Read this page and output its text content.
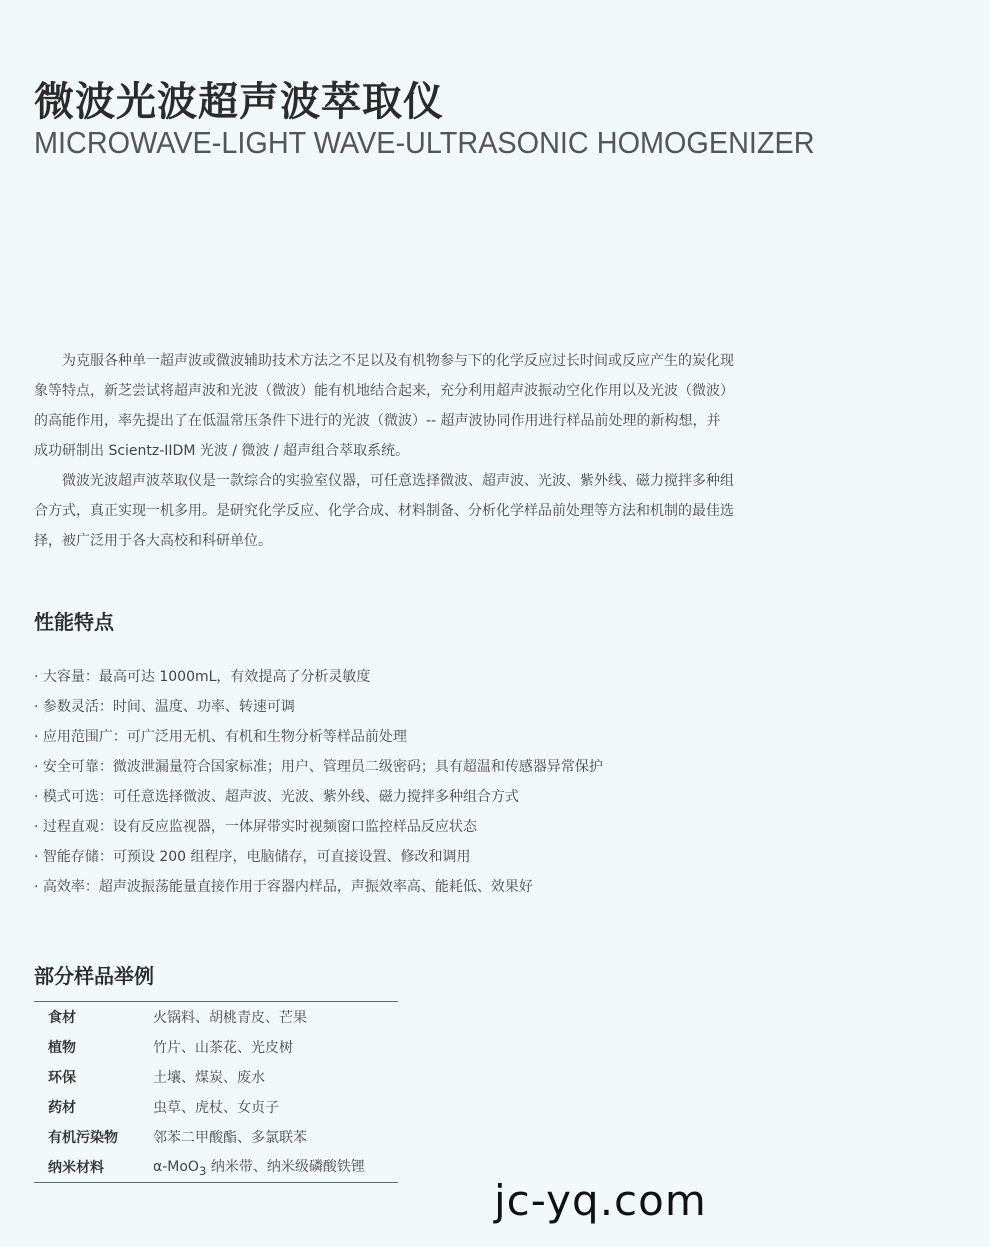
微波光波超声波萃取仪
MICROWAVE-LIGHT WAVE-ULTRASONIC HOMOGENIZER

为克服各种单一超声波或微波辅助技术方法之不足以及有机物参与下的化学反应过长时间或反应产生的炭化现象等特点，新芝尝试将超声波和光波（微波）能有机地结合起来，充分利用超声波振动空化作用以及光波（微波）的高能作用，率先提出了在低温常压条件下进行的光波（微波）-- 超声波协同作用进行样品前处理的新构想，并成功研制出 Scientz-IIDM 光波 / 微波 / 超声组合萃取系统。

微波光波超声波萃取仪是一款综合的实验室仪器，可任意选择微波、超声波、光波、紫外线、磁力搅拌多种组合方式，真正实现一机多用。是研究化学反应、化学合成、材料制备、分析化学样品前处理等方法和机制的最佳选择，被广泛用于各大高校和科研单位。

性能特点
· 大容量：最高可达 1000mL，有效提高了分析灵敏度
· 参数灵活：时间、温度、功率、转速可调
· 应用范围广：可广泛用无机、有机和生物分析等样品前处理
· 安全可靠：微波泄漏量符合国家标准；用户、管理员二级密码；具有超温和传感器异常保护
· 模式可选：可任意选择微波、超声波、光波、紫外线、磁力搅拌多种组合方式
· 过程直观：设有反应监视器，一体屏带实时视频窗口监控样品反应状态
· 智能存储：可预设 200 组程序，电脑储存，可直接设置、修改和调用
· 高效率：超声波振荡能量直接作用于容器内样品，声振效率高、能耗低、效果好
部分样品举例
食材	火锅料、胡桃青皮、芒果
植物	竹片、山茶花、光皮树
环保	土壤、煤炭、废水
药材	虫草、虎杖、女贞子
有机污染物	邻苯二甲酸酯、多氯联苯
纳米材料	α-MoO$_3$ 纳米带、纳米级磷酸铁锂
jc-yq.com
